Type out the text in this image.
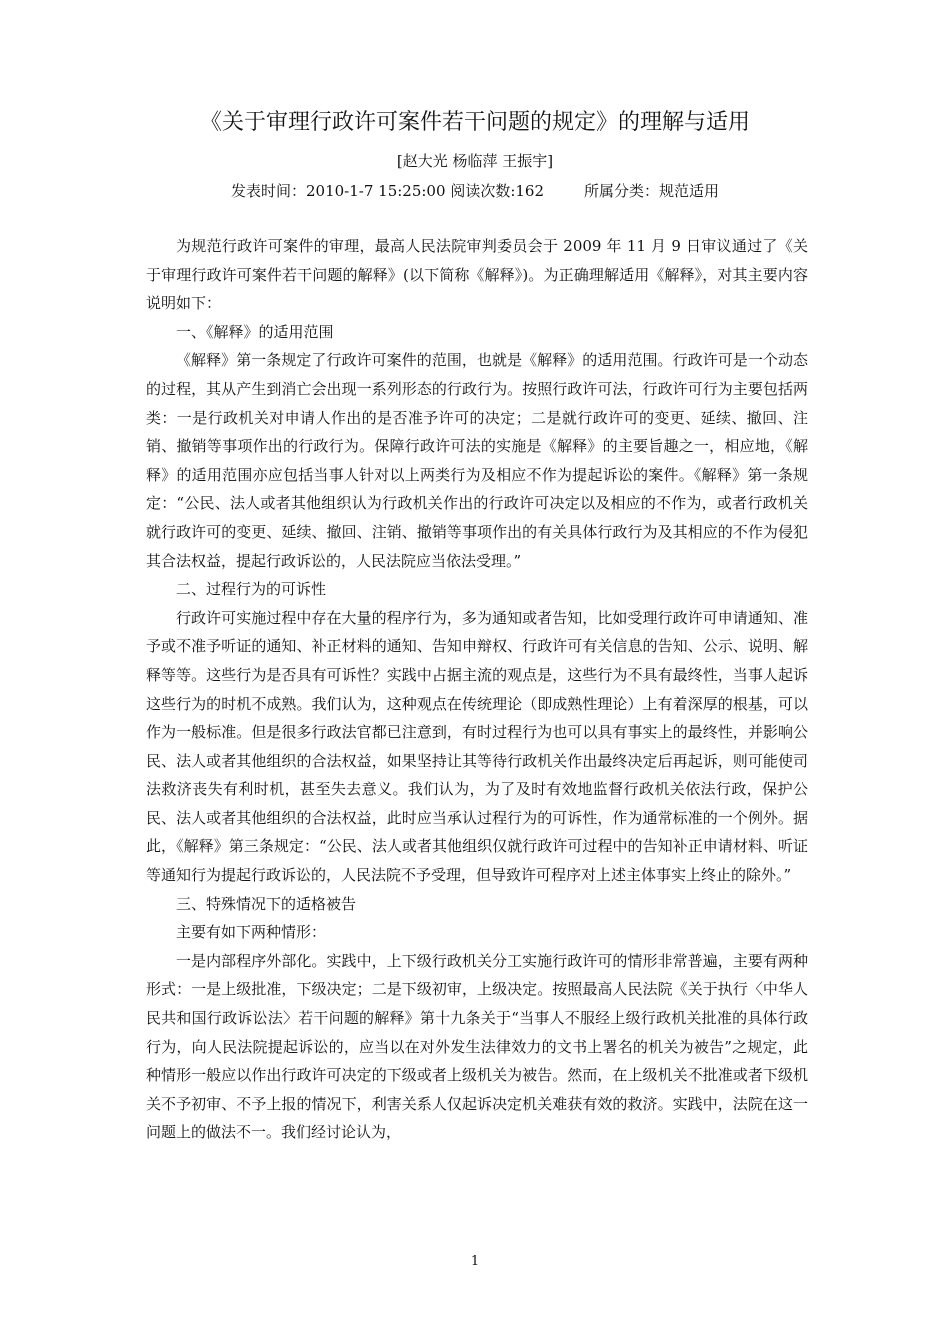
《关于审理行政许可案件若干问题的规定》的理解与适用
[赵大光 杨临萍 王振宇]
发表时间：2010-1-7 15:25:00 阅读次数:162	所属分类：规范适用

为规范行政许可案件的审理，最高人民法院审判委员会于 2009 年 11 月 9 日审议通过了《关于审理行政许可案件若干问题的解释》(以下简称《解释》)。为正确理解适用《解释》，对其主要内容说明如下：

一、《解释》的适用范围

《解释》第一条规定了行政许可案件的范围，也就是《解释》的适用范围。行政许可是一个动态的过程，其从产生到消亡会出现一系列形态的行政行为。按照行政许可法，行政许可行为主要包括两类：一是行政机关对申请人作出的是否准予许可的决定；二是就行政许可的变更、延续、撤回、注销、撤销等事项作出的行政行为。保障行政许可法的实施是《解释》的主要旨趣之一，相应地，《解释》的适用范围亦应包括当事人针对以上两类行为及相应不作为提起诉讼的案件。《解释》第一条规定：“公民、法人或者其他组织认为行政机关作出的行政许可决定以及相应的不作为，或者行政机关就行政许可的变更、延续、撤回、注销、撤销等事项作出的有关具体行政行为及其相应的不作为侵犯其合法权益，提起行政诉讼的，人民法院应当依法受理。”

二、过程行为的可诉性

行政许可实施过程中存在大量的程序行为，多为通知或者告知，比如受理行政许可申请通知、准予或不准予听证的通知、补正材料的通知、告知申辩权、行政许可有关信息的告知、公示、说明、解释等等。这些行为是否具有可诉性？实践中占据主流的观点是，这些行为不具有最终性，当事人起诉这些行为的时机不成熟。我们认为，这种观点在传统理论（即成熟性理论）上有着深厚的根基，可以作为一般标准。但是很多行政法官都已注意到，有时过程行为也可以具有事实上的最终性，并影响公民、法人或者其他组织的合法权益，如果坚持让其等待行政机关作出最终决定后再起诉，则可能使司法救济丧失有利时机，甚至失去意义。我们认为，为了及时有效地监督行政机关依法行政，保护公民、法人或者其他组织的合法权益，此时应当承认过程行为的可诉性，作为通常标准的一个例外。据此，《解释》第三条规定：“公民、法人或者其他组织仅就行政许可过程中的告知补正申请材料、听证等通知行为提起行政诉讼的，人民法院不予受理，但导致许可程序对上述主体事实上终止的除外。”

三、特殊情况下的适格被告

主要有如下两种情形：

一是内部程序外部化。实践中，上下级行政机关分工实施行政许可的情形非常普遍，主要有两种形式：一是上级批准，下级决定；二是下级初审，上级决定。按照最高人民法院《关于执行〈中华人民共和国行政诉讼法〉若干问题的解释》第十九条关于“当事人不服经上级行政机关批准的具体行政行为，向人民法院提起诉讼的，应当以在对外发生法律效力的文书上署名的机关为被告”之规定，此种情形一般应以作出行政许可决定的下级或者上级机关为被告。然而，在上级机关不批准或者下级机关不予初审、不予上报的情况下，利害关系人仅起诉决定机关难获有效的救济。实践中，法院在这一问题上的做法不一。我们经讨论认为，

1
